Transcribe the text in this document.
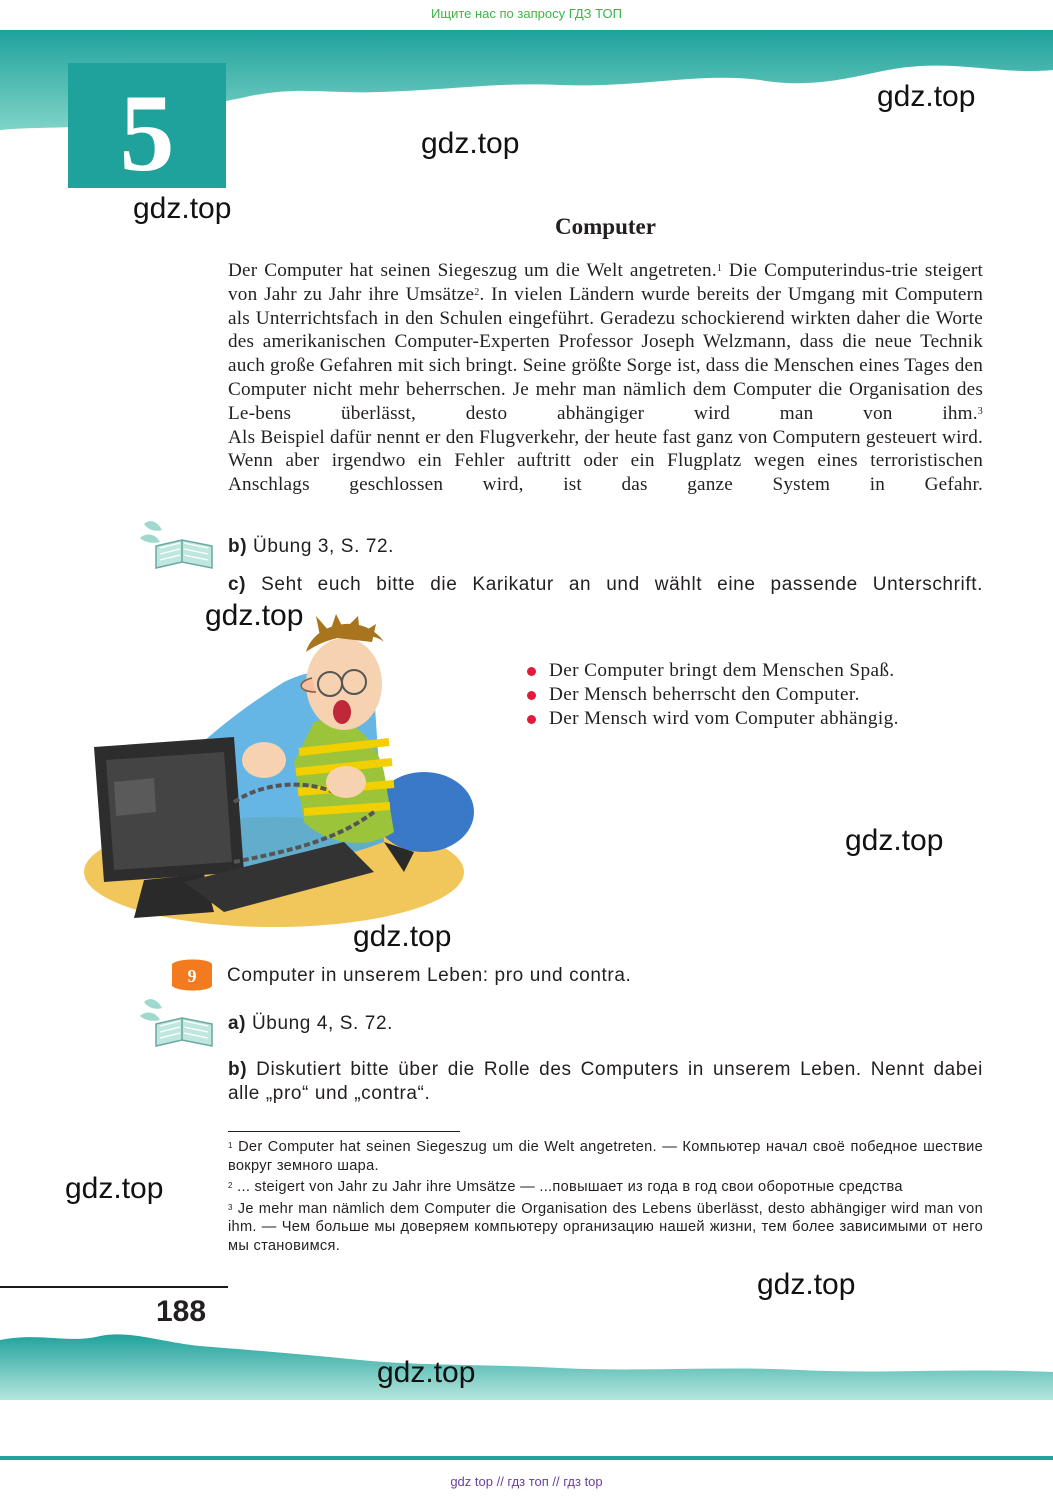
Ищите нас по запросу ГДЗ ТОП
5	gdz.top
gdz.top
gdz.top
Computer

Der Computer hat seinen Siegeszug um die Welt angetreten.$^1$ Die Computerindus-trie steigert von Jahr zu Jahr ihre Umsätze$^2$. In vielen Ländern wurde bereits der Umgang mit Computern als Unterrichtsfach in den Schulen eingeführt. Geradezu schockierend wirkten daher die Worte des amerikanischen Computer-Experten Professor Joseph Welzmann, dass die neue Technik auch große Gefahren mit sich bringt. Seine größte Sorge ist, dass die Menschen eines Tages den Computer nicht mehr beherrschen. Je mehr man nämlich dem Computer die Organisation des Le-bens überlässt, desto abhängiger wird man von ihm.$^3$

Als Beispiel dafür nennt er den Flugverkehr, der heute fast ganz von Computern gesteuert wird. Wenn aber irgendwo ein Fehler auftritt oder ein Flugplatz wegen eines terroristischen Anschlags geschlossen wird, ist das ganze System in Gefahr.

b) Übung 3, S. 72.
c) Seht euch bitte die Karikatur an und wählt eine passende Unterschrift.
gdz.top
Der Computer bringt dem Menschen Spaß.
Der Mensch beherrscht den Computer.
Der Mensch wird vom Computer abhängig.
gdz.top
gdz.top
9 Computer in unserem Leben: pro und contra.
a) Übung 4, S. 72.
b) Diskutiert bitte über die Rolle des Computers in unserem Leben. Nennt dabei alle „pro“ und „contra“.

$^1$ Der Computer hat seinen Siegeszug um die Welt angetreten. — Компьютер начал своё победное шествие вокруг земного шара.

$^2$ ... steigert von Jahr zu Jahr ihre Umsätze — ...повышает из года в год свои оборотные средства

$^3$ Je mehr man nämlich dem Computer die Organisation des Lebens überlässt, desto abhängiger wird man von ihm. — Чем больше мы доверяем компьютеру организацию нашей жизни, тем более зависимыми от него мы становимся.

gdz.top
gdz.top
188
gdz.top
gdz top // гдз топ // гдз top
